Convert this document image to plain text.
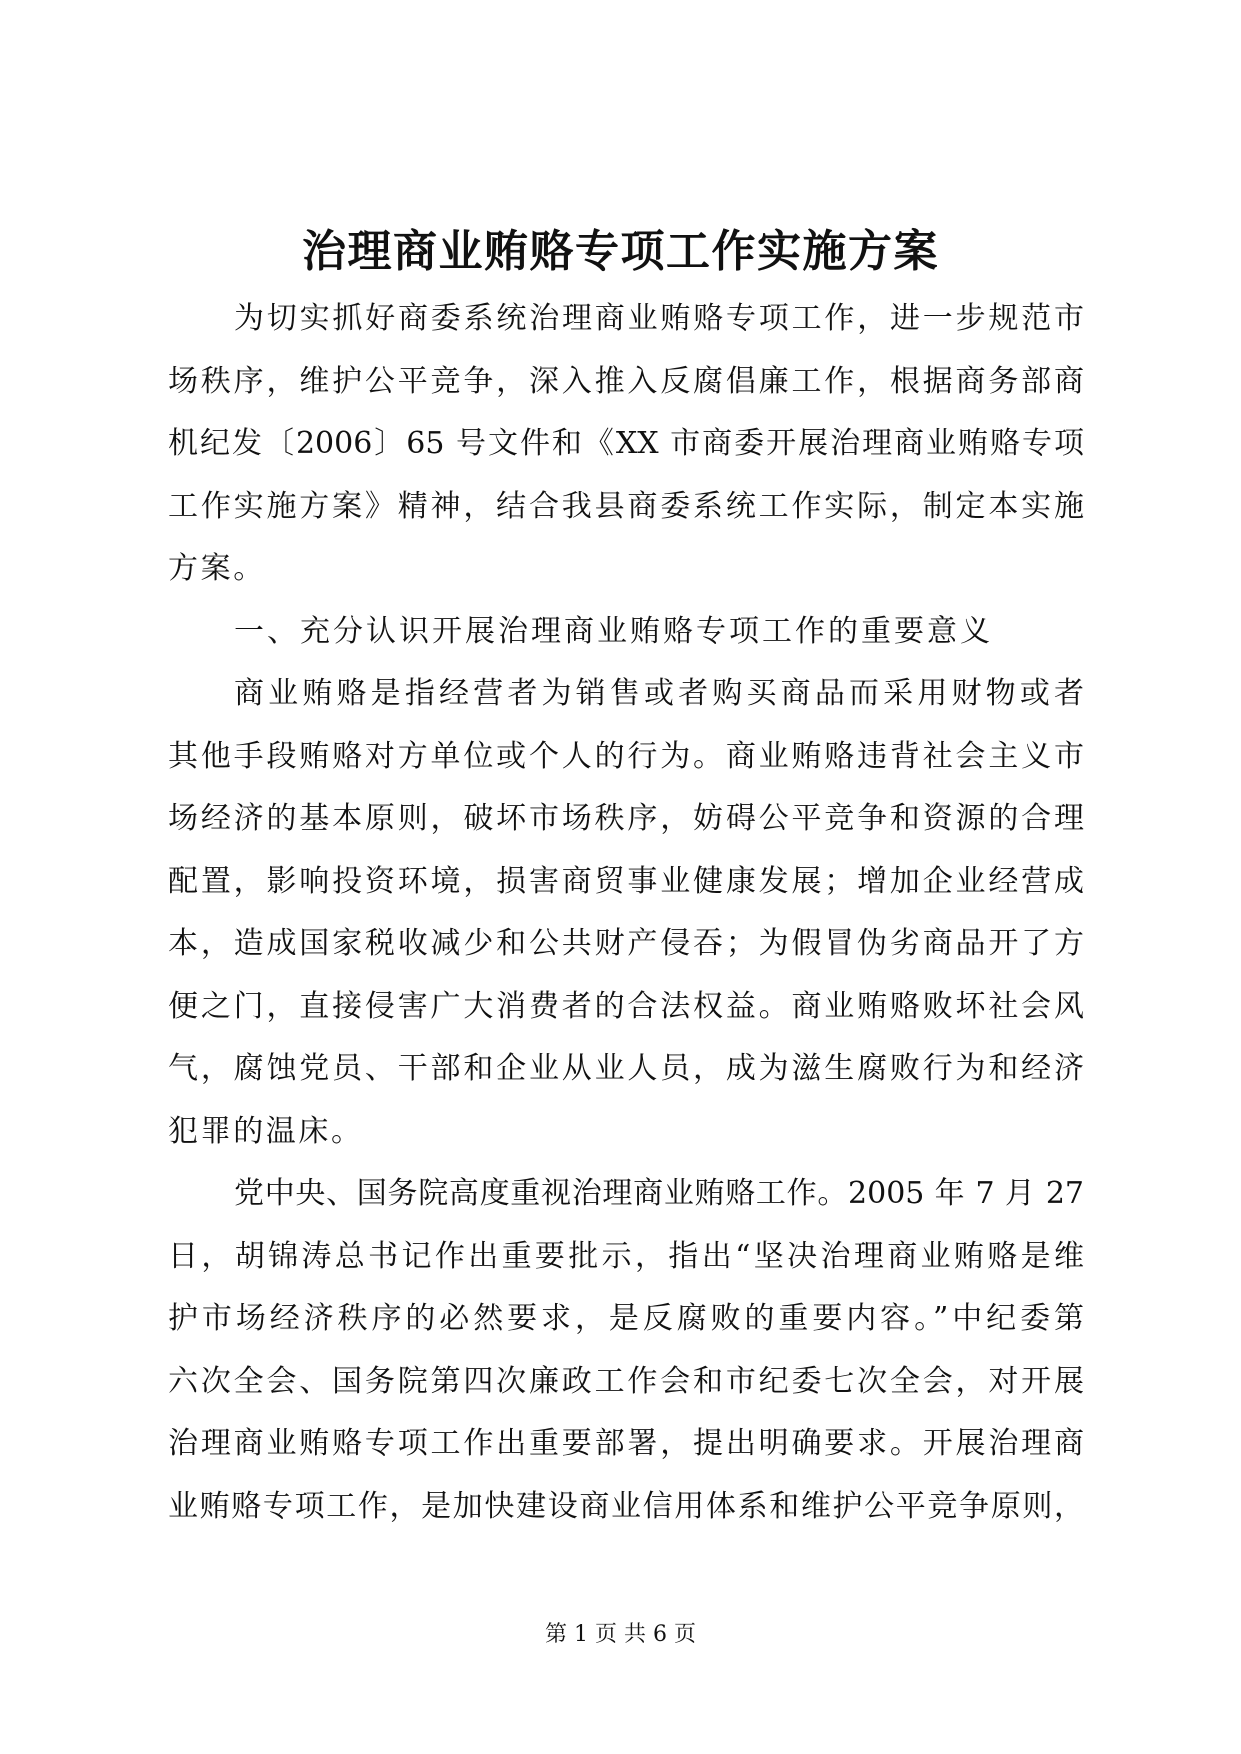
治理商业贿赂专项工作实施方案
为切实抓好商委系统治理商业贿赂专项工作，进一步规范市
场秩序，维护公平竞争，深入推入反腐倡廉工作，根据商务部商
机纪发〔2006〕65 号文件和《XX 市商委开展治理商业贿赂专项
工作实施方案》精神，结合我县商委系统工作实际，制定本实施
方案。
一、充分认识开展治理商业贿赂专项工作的重要意义
商业贿赂是指经营者为销售或者购买商品而采用财物或者
其他手段贿赂对方单位或个人的行为。商业贿赂违背社会主义市
场经济的基本原则，破坏市场秩序，妨碍公平竞争和资源的合理
配置，影响投资环境，损害商贸事业健康发展；增加企业经营成
本，造成国家税收减少和公共财产侵吞；为假冒伪劣商品开了方
便之门，直接侵害广大消费者的合法权益。商业贿赂败坏社会风
气，腐蚀党员、干部和企业从业人员，成为滋生腐败行为和经济
犯罪的温床。
党中央、国务院高度重视治理商业贿赂工作。2005 年 7 月 27
日，胡锦涛总书记作出重要批示，指出“坚决治理商业贿赂是维
护市场经济秩序的必然要求，是反腐败的重要内容。”中纪委第
六次全会、国务院第四次廉政工作会和市纪委七次全会，对开展
治理商业贿赂专项工作出重要部署，提出明确要求。开展治理商
业贿赂专项工作，是加快建设商业信用体系和维护公平竞争原则，
第 1 页 共 6 页
